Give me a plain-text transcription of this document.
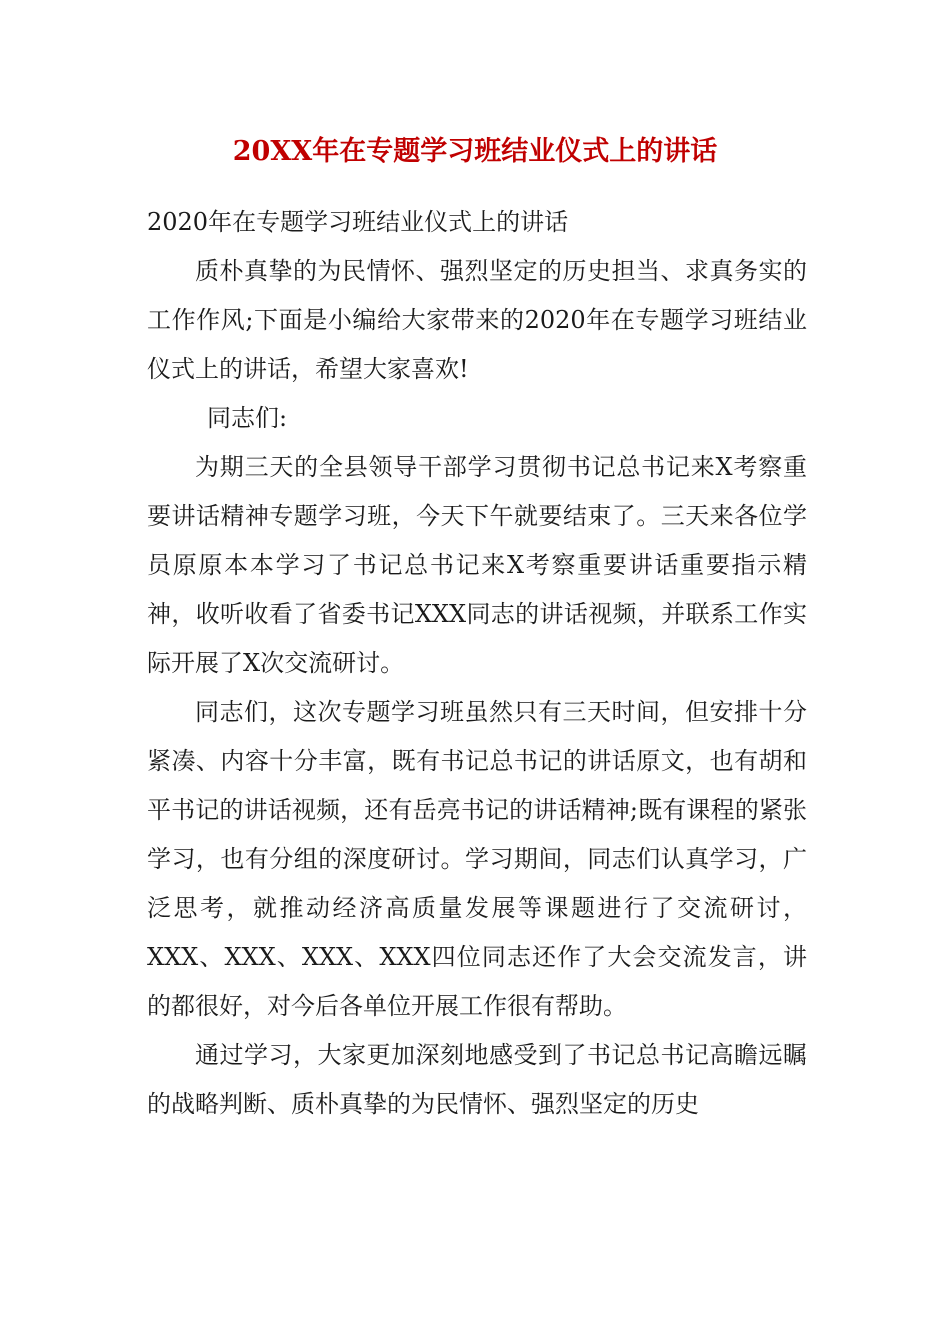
20XX年在专题学习班结业仪式上的讲话

2020年在专题学习班结业仪式上的讲话

质朴真挚的为民情怀、强烈坚定的历史担当、求真务实的工作作风;下面是小编给大家带来的2020年在专题学习班结业仪式上的讲话，希望大家喜欢!

同志们:

为期三天的全县领导干部学习贯彻书记总书记来X考察重要讲话精神专题学习班，今天下午就要结束了。三天来各位学员原原本本学习了书记总书记来X考察重要讲话重要指示精神，收听收看了省委书记XXX同志的讲话视频，并联系工作实际开展了X次交流研讨。

同志们，这次专题学习班虽然只有三天时间，但安排十分紧凑、内容十分丰富，既有书记总书记的讲话原文，也有胡和平书记的讲话视频，还有岳亮书记的讲话精神;既有课程的紧张学习，也有分组的深度研讨。学习期间，同志们认真学习，广泛思考，就推动经济高质量发展等课题进行了交流研讨，XXX、XXX、XXX、XXX四位同志还作了大会交流发言，讲的都很好，对今后各单位开展工作很有帮助。

通过学习，大家更加深刻地感受到了书记总书记高瞻远瞩的战略判断、质朴真挚的为民情怀、强烈坚定的历史
